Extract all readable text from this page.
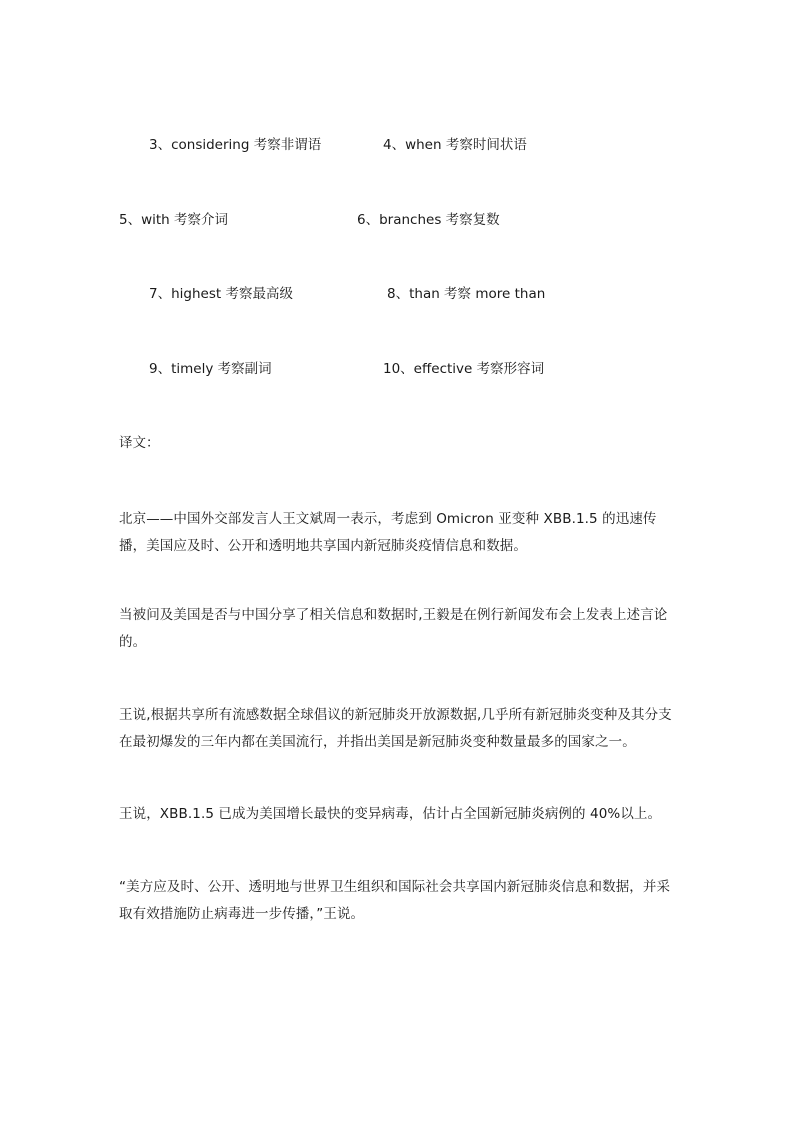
3、considering 考察非谓语	4、when 考察时间状语
5、with 考察介词	6、branches 考察复数
7、highest 考察最高级	8、than 考察 more than
9、timely 考察副词	10、effective 考察形容词
译文：
北京——中国外交部发言人王文斌周一表示，考虑到 Omicron 亚变种 XBB.1.5 的迅速传播，美国应及时、公开和透明地共享国内新冠肺炎疫情信息和数据。
当被问及美国是否与中国分享了相关信息和数据时,王毅是在例行新闻发布会上发表上述言论的。
王说,根据共享所有流感数据全球倡议的新冠肺炎开放源数据,几乎所有新冠肺炎变种及其分支在最初爆发的三年内都在美国流行，并指出美国是新冠肺炎变种数量最多的国家之一。
王说，XBB.1.5 已成为美国增长最快的变异病毒，估计占全国新冠肺炎病例的 40%以上。
“美方应及时、公开、透明地与世界卫生组织和国际社会共享国内新冠肺炎信息和数据，并采取有效措施防止病毒进一步传播，”王说。
